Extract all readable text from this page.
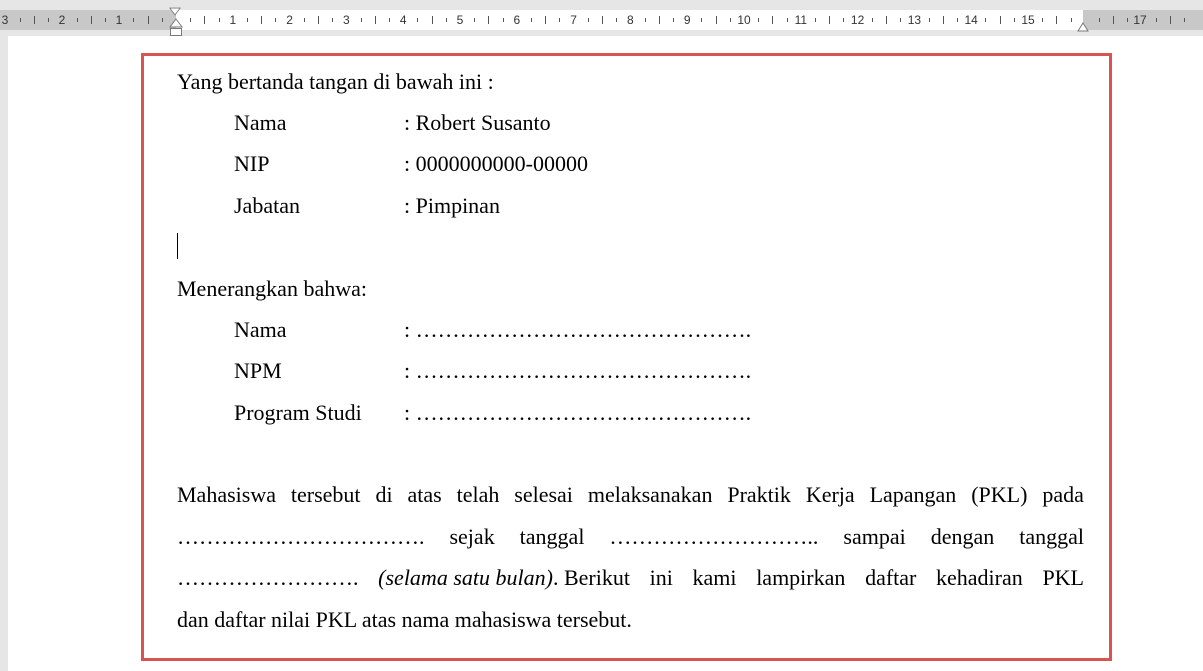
3	2	1	17
1	2	3	4	5	6	7	8	9	10	11	12	13	14	15
Yang bertanda tangan di bawah ini :
Nama	: Robert Susanto
NIP	: 0000000000-00000
Jabatan	: Pimpinan
Menerangkan bahwa:
Nama	: ……………………………………….
NPM	: ……………………………………….
Program Studi : ……………………………………….
Mahasiswa tersebut di atas telah selesai melaksanakan Praktik Kerja Lapangan (PKL) pada
……………………………. sejak tanggal ……………………….. sampai dengan tanggal
……………………. (selama satu bulan). Berikut ini kami lampirkan daftar kehadiran PKL
dan daftar nilai PKL atas nama mahasiswa tersebut.
